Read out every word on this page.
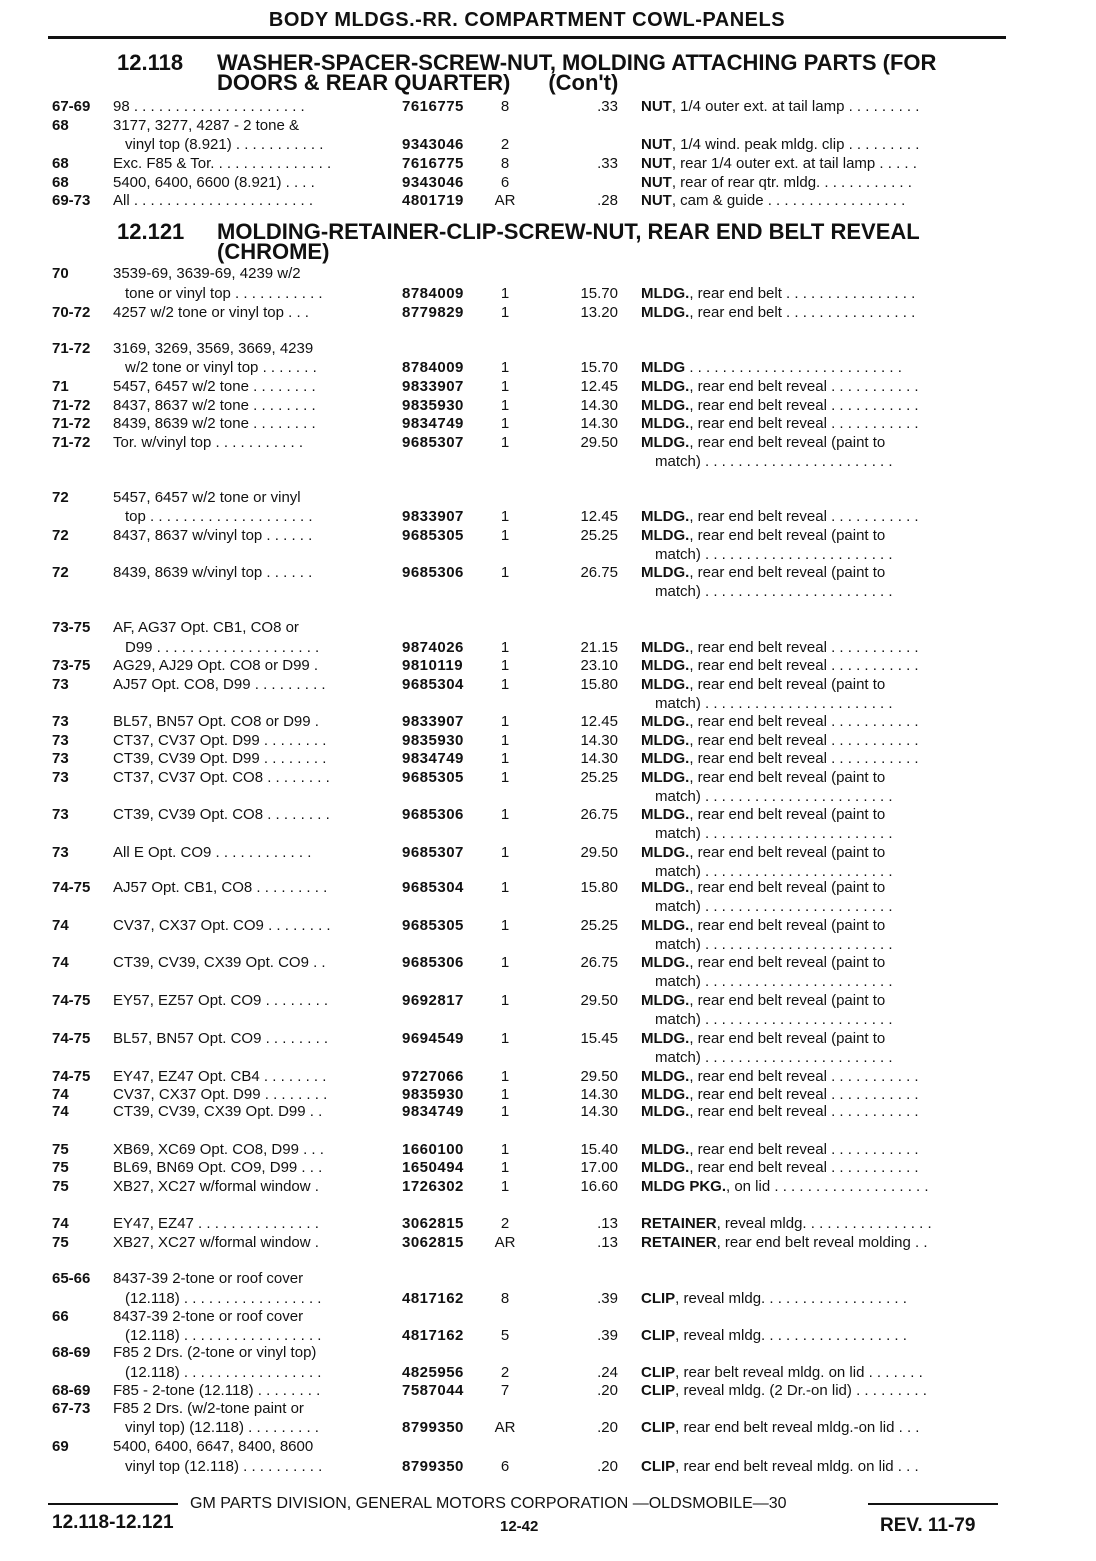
BODY MLDGS.-RR. COMPARTMENT COWL-PANELS
12.118 WASHER-SPACER-SCREW-NUT, MOLDING ATTACHING PARTS (FOR DOORS & REAR QUARTER) (Con't)
12.121 MOLDING-RETAINER-CLIP-SCREW-NUT, REAR END BELT REVEAL (CHROME)
67-69 98 . . . . . . . . . . . . . . . . . . . . .	7616775	8	.33 NUT, 1/4 outer ext. at tail lamp . . . . . . . . .
68	3177, 3277, 4287 - 2 tone &
vinyl top (8.921) . . . . . . . . . . .	9343046	2	NUT, 1/4 wind. peak mldg. clip . . . . . . . . .
68	Exc. F85 & Tor. . . . . . . . . . . . . . .	7616775	8	.33 NUT, rear 1/4 outer ext. at tail lamp . . . . .
68	5400, 6400, 6600 (8.921) . . . .	9343046	6	NUT, rear of rear qtr. mldg. . . . . . . . . . . .
69-73 All . . . . . . . . . . . . . . . . . . . . . .	4801719	AR	.28 NUT, cam & guide . . . . . . . . . . . . . . . . .
70	3539-69, 3639-69, 4239 w/2
tone or vinyl top . . . . . . . . . . .	8784009	1	15.70 MLDG., rear end belt . . . . . . . . . . . . . . . .
70-72 4257 w/2 tone or vinyl top . . .	8779829	1	13.20 MLDG., rear end belt . . . . . . . . . . . . . . . .
71-72 3169, 3269, 3569, 3669, 4239
w/2 tone or vinyl top . . . . . . .	8784009	1	15.70 MLDG . . . . . . . . . . . . . . . . . . . . . . . . . .
71	5457, 6457 w/2 tone . . . . . . . .	9833907	1	12.45 MLDG., rear end belt reveal . . . . . . . . . . .
71-72 8437, 8637 w/2 tone . . . . . . . .	9835930	1	14.30 MLDG., rear end belt reveal . . . . . . . . . . .
71-72 8439, 8639 w/2 tone . . . . . . . .	9834749	1	14.30 MLDG., rear end belt reveal . . . . . . . . . . .
71-72 Tor. w/vinyl top . . . . . . . . . . .	9685307	1	29.50 MLDG., rear end belt reveal (paint to
match) . . . . . . . . . . . . . . . . . . . . . . .
72	5457, 6457 w/2 tone or vinyl
top . . . . . . . . . . . . . . . . . . . .	9833907	1	12.45 MLDG., rear end belt reveal . . . . . . . . . . .
72	8437, 8637 w/vinyl top . . . . . .	9685305	1	25.25 MLDG., rear end belt reveal (paint to
match) . . . . . . . . . . . . . . . . . . . . . . .
72	8439, 8639 w/vinyl top . . . . . .	9685306	1	26.75 MLDG., rear end belt reveal (paint to
match) . . . . . . . . . . . . . . . . . . . . . . .
73-75 AF, AG37 Opt. CB1, CO8 or
D99 . . . . . . . . . . . . . . . . . . . .	9874026	1	21.15 MLDG., rear end belt reveal . . . . . . . . . . .
73-75 AG29, AJ29 Opt. CO8 or D99 .	9810119	1	23.10 MLDG., rear end belt reveal . . . . . . . . . . .
73	AJ57 Opt. CO8, D99 . . . . . . . . .	9685304	1	15.80 MLDG., rear end belt reveal (paint to
match) . . . . . . . . . . . . . . . . . . . . . . .
73	BL57, BN57 Opt. CO8 or D99 .	9833907	1	12.45 MLDG., rear end belt reveal . . . . . . . . . . .
73	CT37, CV37 Opt. D99 . . . . . . . .	9835930	1	14.30 MLDG., rear end belt reveal . . . . . . . . . . .
73	CT39, CV39 Opt. D99 . . . . . . . .	9834749	1	14.30 MLDG., rear end belt reveal . . . . . . . . . . .
73	CT37, CV37 Opt. CO8 . . . . . . . .	9685305	1	25.25 MLDG., rear end belt reveal (paint to
match) . . . . . . . . . . . . . . . . . . . . . . .
73	CT39, CV39 Opt. CO8 . . . . . . . .	9685306	1	26.75 MLDG., rear end belt reveal (paint to
match) . . . . . . . . . . . . . . . . . . . . . . .
73	All E Opt. CO9 . . . . . . . . . . . .	9685307	1	29.50 MLDG., rear end belt reveal (paint to
match) . . . . . . . . . . . . . . . . . . . . . . .
74-75 AJ57 Opt. CB1, CO8 . . . . . . . . .	9685304	1	15.80 MLDG., rear end belt reveal (paint to
match) . . . . . . . . . . . . . . . . . . . . . . .
74	CV37, CX37 Opt. CO9 . . . . . . . .	9685305	1	25.25 MLDG., rear end belt reveal (paint to
match) . . . . . . . . . . . . . . . . . . . . . . .
74	CT39, CV39, CX39 Opt. CO9 . .	9685306	1	26.75 MLDG., rear end belt reveal (paint to
match) . . . . . . . . . . . . . . . . . . . . . . .
74-75 EY57, EZ57 Opt. CO9 . . . . . . . .	9692817	1	29.50 MLDG., rear end belt reveal (paint to
match) . . . . . . . . . . . . . . . . . . . . . . .
74-75 BL57, BN57 Opt. CO9 . . . . . . . .	9694549	1	15.45 MLDG., rear end belt reveal (paint to
match) . . . . . . . . . . . . . . . . . . . . . . .
74-75 EY47, EZ47 Opt. CB4 . . . . . . . .	9727066	1	29.50 MLDG., rear end belt reveal . . . . . . . . . . .
74	CV37, CX37 Opt. D99 . . . . . . . .	9835930	1	14.30 MLDG., rear end belt reveal . . . . . . . . . . .
74	CT39, CV39, CX39 Opt. D99 . .	9834749	1	14.30 MLDG., rear end belt reveal . . . . . . . . . . .
75	XB69, XC69 Opt. CO8, D99 . . .	1660100	1	15.40 MLDG., rear end belt reveal . . . . . . . . . . .
75	BL69, BN69 Opt. CO9, D99 . . .	1650494	1	17.00 MLDG., rear end belt reveal . . . . . . . . . . .
75	XB27, XC27 w/formal window .	1726302	1	16.60 MLDG PKG., on lid . . . . . . . . . . . . . . . . . . .
74	EY47, EZ47 . . . . . . . . . . . . . . .	3062815	2	.13 RETAINER, reveal mldg. . . . . . . . . . . . . . . .
75	XB27, XC27 w/formal window .	3062815	AR	.13 RETAINER, rear end belt reveal molding . .
65-66 8437-39 2-tone or roof cover
(12.118) . . . . . . . . . . . . . . . . .	4817162	8	.39 CLIP, reveal mldg. . . . . . . . . . . . . . . . . .
66	8437-39 2-tone or roof cover
(12.118) . . . . . . . . . . . . . . . . .	4817162	5	.39 CLIP, reveal mldg. . . . . . . . . . . . . . . . . .
68-69 F85 2 Drs. (2-tone or vinyl top)
(12.118) . . . . . . . . . . . . . . . . .	4825956	2	.24 CLIP, rear belt reveal mldg. on lid . . . . . . .
68-69 F85 - 2-tone (12.118) . . . . . . . .	7587044	7	.20 CLIP, reveal mldg. (2 Dr.-on lid) . . . . . . . . .
67-73 F85 2 Drs. (w/2-tone paint or
vinyl top) (12.118) . . . . . . . . .	8799350	AR	.20 CLIP, rear end belt reveal mldg.-on lid . . .
69	5400, 6400, 6647, 8400, 8600
vinyl top (12.118) . . . . . . . . . .	8799350	6	.20 CLIP, rear end belt reveal mldg. on lid . . .
GM PARTS DIVISION, GENERAL MOTORS CORPORATION —OLDSMOBILE—30
12.118-12.121	12-42	REV. 11-79
